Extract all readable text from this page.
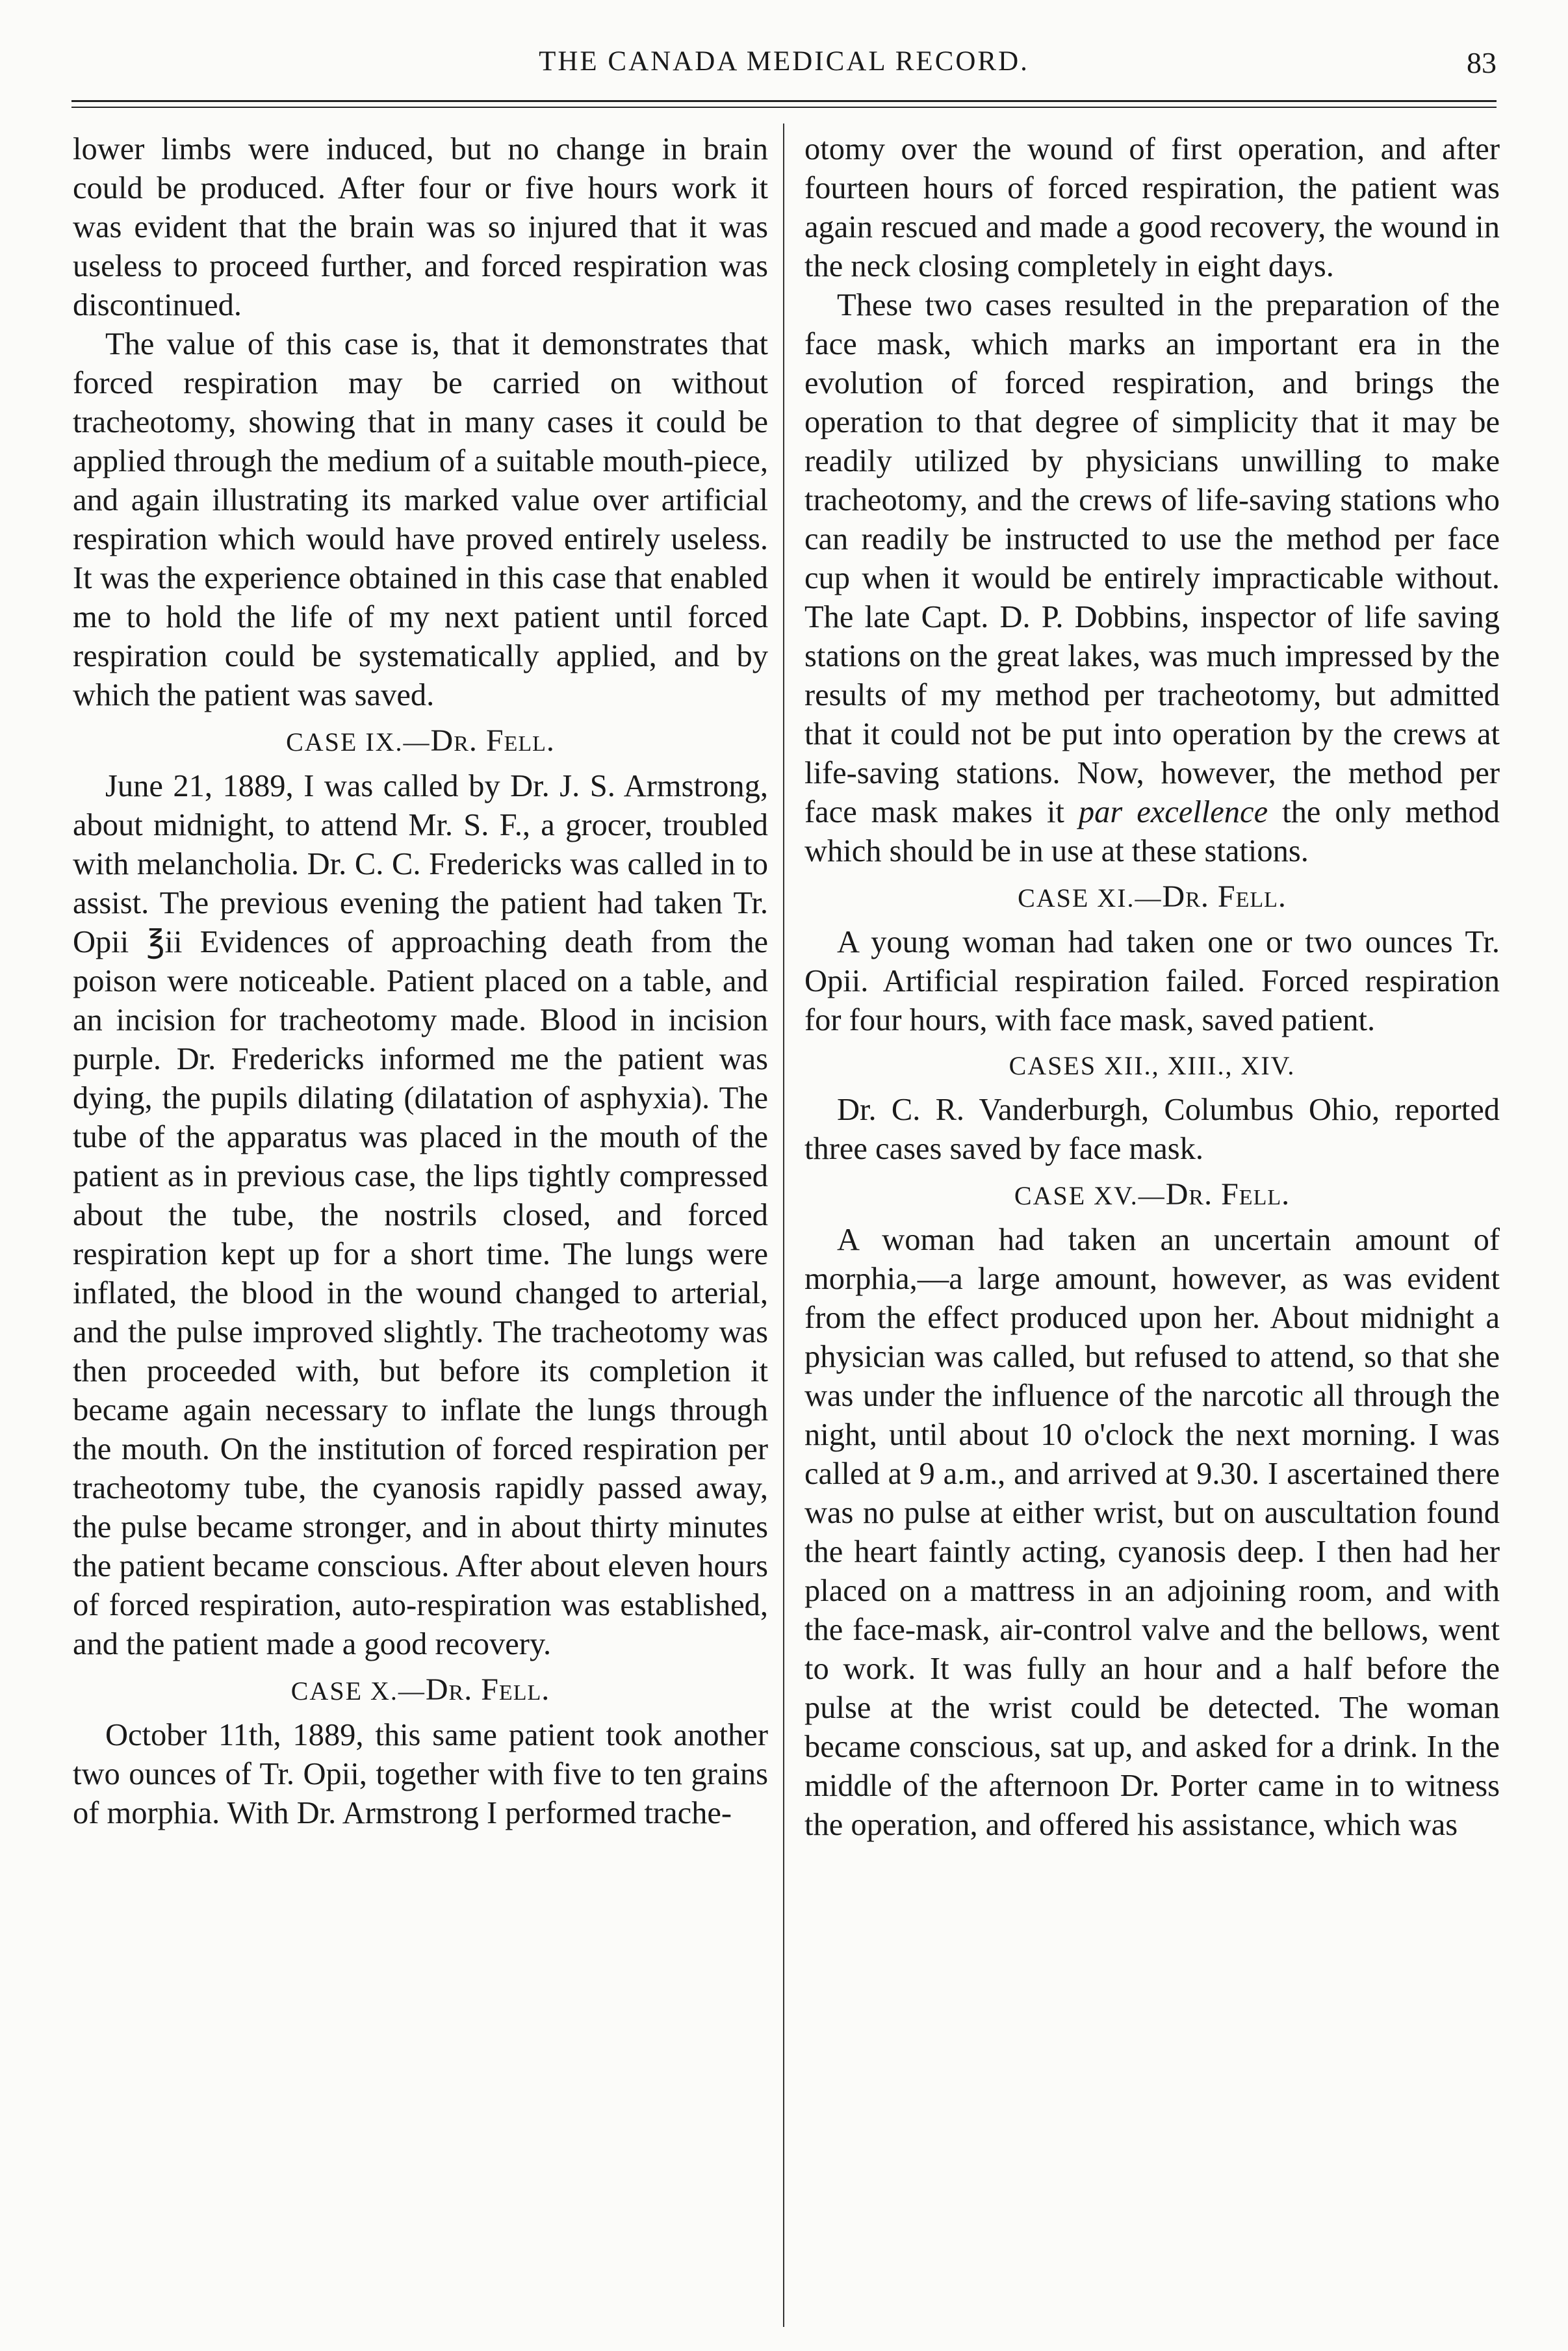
THE CANADA MEDICAL RECORD.	83

lower limbs were induced, but no change in brain could be produced. After four or five hours work it was evident that the brain was so injured that it was useless to proceed further, and forced respiration was discontinued.

The value of this case is, that it demonstrates that forced respiration may be carried on without tracheotomy, showing that in many cases it could be applied through the medium of a suitable mouth-piece, and again illustrating its marked value over artificial respiration which would have proved entirely useless. It was the experience obtained in this case that enabled me to hold the life of my next patient until forced respiration could be systematically applied, and by which the patient was saved.

CASE IX.—Dr. Fell.

June 21, 1889, I was called by Dr. J. S. Armstrong, about midnight, to attend Mr. S. F., a grocer, troubled with melancholia. Dr. C. C. Fredericks was called in to assist. The previous evening the patient had taken Tr. Opii ℥ii Evidences of approaching death from the poison were noticeable. Patient placed on a table, and an incision for tracheotomy made. Blood in incision purple. Dr. Fredericks informed me the patient was dying, the pupils dilating (dilatation of asphyxia). The tube of the apparatus was placed in the mouth of the patient as in previous case, the lips tightly compressed about the tube, the nostrils closed, and forced respiration kept up for a short time. The lungs were inflated, the blood in the wound changed to arterial, and the pulse improved slightly. The tracheotomy was then proceeded with, but before its completion it became again necessary to inflate the lungs through the mouth. On the institution of forced respiration per tracheotomy tube, the cyanosis rapidly passed away, the pulse became stronger, and in about thirty minutes the patient became conscious. After about eleven hours of forced respiration, auto-respiration was established, and the patient made a good recovery.

CASE X.—Dr. Fell.

October 11th, 1889, this same patient took another two ounces of Tr. Opii, together with five to ten grains of morphia. With Dr. Armstrong I performed trache-

otomy over the wound of first operation, and after fourteen hours of forced respiration, the patient was again rescued and made a good recovery, the wound in the neck closing completely in eight days.

These two cases resulted in the preparation of the face mask, which marks an important era in the evolution of forced respiration, and brings the operation to that degree of simplicity that it may be readily utilized by physicians unwilling to make tracheotomy, and the crews of life-saving stations who can readily be instructed to use the method per face cup when it would be entirely impracticable without. The late Capt. D. P. Dobbins, inspector of life saving stations on the great lakes, was much impressed by the results of my method per tracheotomy, but admitted that it could not be put into operation by the crews at life-saving stations. Now, however, the method per face mask makes it par excellence the only method which should be in use at these stations.

CASE XI.—Dr. Fell.

A young woman had taken one or two ounces Tr. Opii. Artificial respiration failed. Forced respiration for four hours, with face mask, saved patient.

CASES XII., XIII., XIV.

Dr. C. R. Vanderburgh, Columbus Ohio, reported three cases saved by face mask.

CASE XV.—Dr. Fell.

A woman had taken an uncertain amount of morphia,—a large amount, however, as was evident from the effect produced upon her. About midnight a physician was called, but refused to attend, so that she was under the influence of the narcotic all through the night, until about 10 o'clock the next morning. I was called at 9 a.m., and arrived at 9.30. I ascertained there was no pulse at either wrist, but on auscultation found the heart faintly acting, cyanosis deep. I then had her placed on a mattress in an adjoining room, and with the face-mask, air-control valve and the bellows, went to work. It was fully an hour and a half before the pulse at the wrist could be detected. The woman became conscious, sat up, and asked for a drink. In the middle of the afternoon Dr. Porter came in to witness the operation, and offered his assistance, which was
